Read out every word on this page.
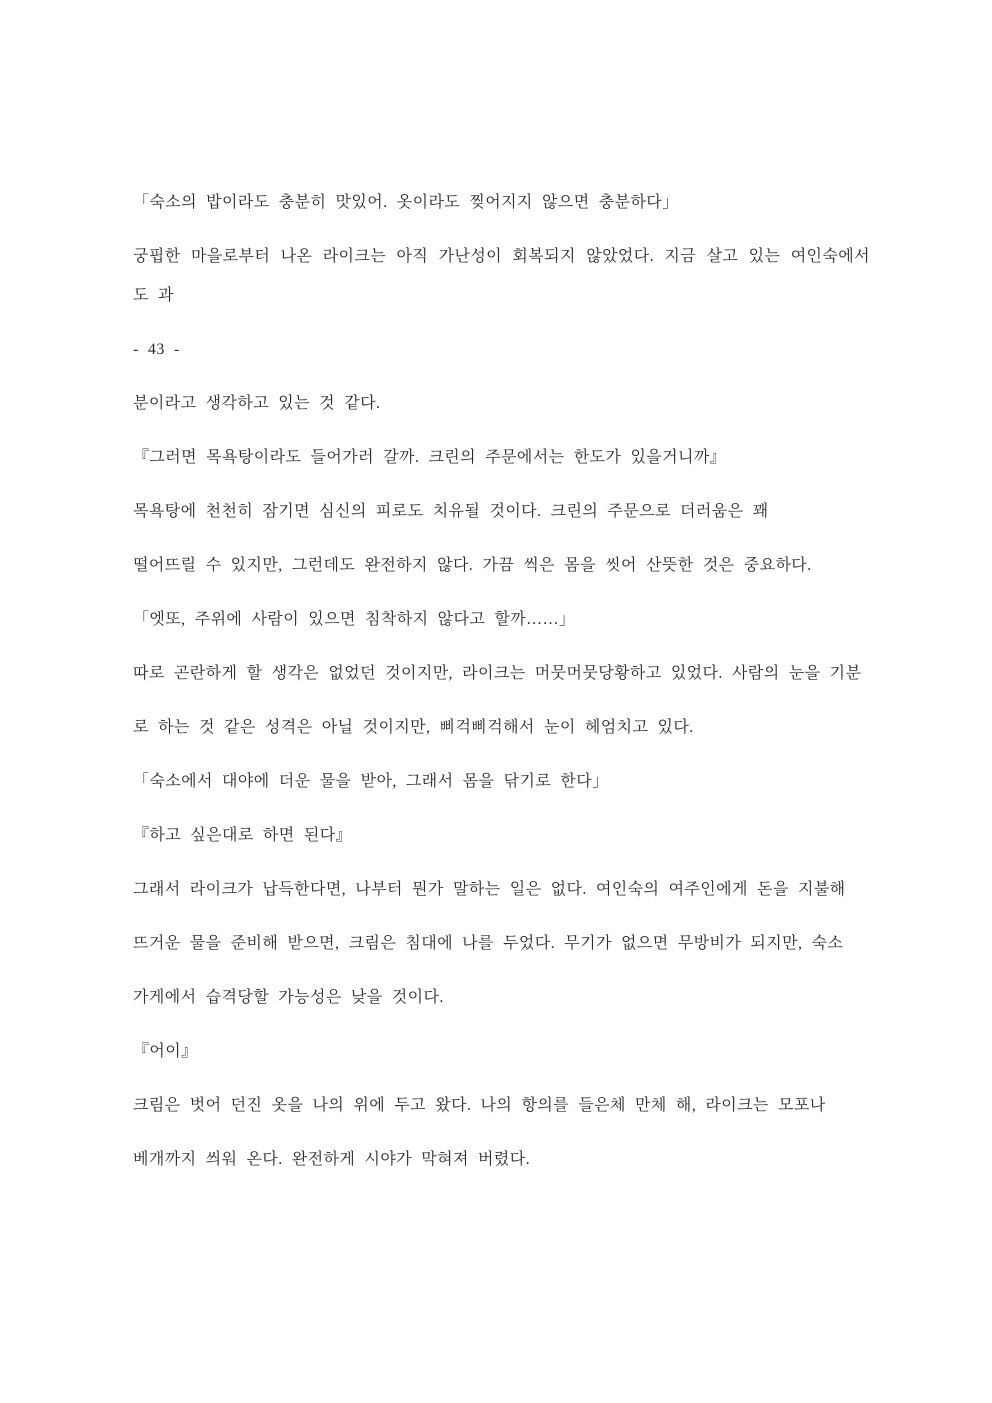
「숙소의 밥이라도 충분히 맛있어. 옷이라도 찢어지지 않으면 충분하다」

궁핍한 마을로부터 나온 라이크는 아직 가난성이 회복되지 않았었다. 지금 살고 있는 여인숙에서도 과

- 43 -

분이라고 생각하고 있는 것 같다.

『그러면 목욕탕이라도 들어가러 갈까. 크린의 주문에서는 한도가 있을거니까』

목욕탕에 천천히 잠기면 심신의 피로도 치유될 것이다. 크린의 주문으로 더러움은 꽤

떨어뜨릴 수 있지만, 그런데도 완전하지 않다. 가끔 씩은 몸을 씻어 산뜻한 것은 중요하다.

「엣또, 주위에 사람이 있으면 침착하지 않다고 할까……」

따로 곤란하게 할 생각은 없었던 것이지만, 라이크는 머뭇머뭇당황하고 있었다. 사람의 눈을 기분

로 하는 것 같은 성격은 아닐 것이지만, 삐걱삐걱해서 눈이 헤엄치고 있다.

「숙소에서 대야에 더운 물을 받아, 그래서 몸을 닦기로 한다」

『하고 싶은대로 하면 된다』

그래서 라이크가 납득한다면, 나부터 뭔가 말하는 일은 없다. 여인숙의 여주인에게 돈을 지불해

뜨거운 물을 준비해 받으면, 크림은 침대에 나를 두었다. 무기가 없으면 무방비가 되지만, 숙소

가게에서 습격당할 가능성은 낮을 것이다.

『어이』

크림은 벗어 던진 옷을 나의 위에 두고 왔다. 나의 항의를 들은체 만체 해, 라이크는 모포나

베개까지 씌워 온다. 완전하게 시야가 막혀져 버렸다.
